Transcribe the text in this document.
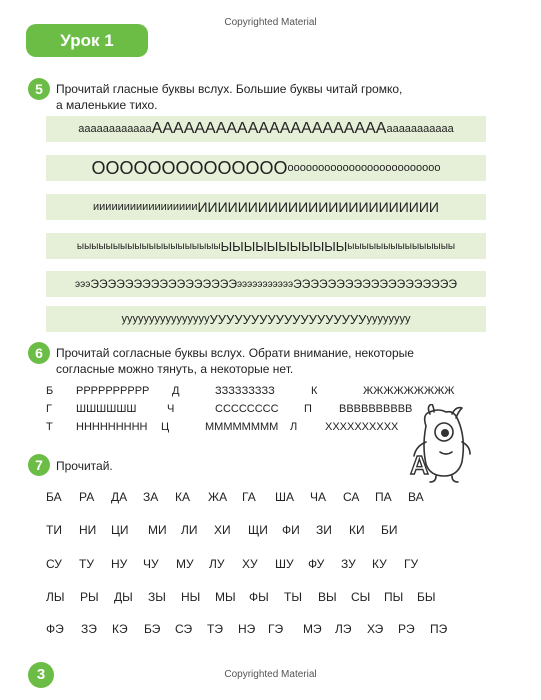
Copyrighted Material
Урок 1
5	Прочитай гласные буквы вслух. Большие буквы читай громко,
а маленькие тихо.
аааааааааааа АААААААААААААААААААААА ааааааааааа
ОООООООООООООО ооооооооооооооооооооооооо
иииииииииииииииии ИИИИИИИИИИИИИИИИИИИИИИИИ
ыыыыыыыыыыыыыыыыыыыы ЫЫЫЫЫЫЫЫЫЫЫ ыыыыыыыыыыыыыыы
эээ ЭЭЭЭЭЭЭЭЭЭЭЭЭЭЭЭЭ эээээээээээ ЭЭЭЭЭЭЭЭЭЭЭЭЭЭЭЭЭЭЭ
уууууууууууууууу УУУУУУУУУУУУУУУУУУУ уууууууу
6	Прочитай согласные буквы вслух. Обрати внимание, некоторые
согласные можно тянуть, а некоторые нет.
Б РРРРРРРРРР Д	ЗЗЗЗЗЗЗЗЗ	К	ЖЖЖЖЖЖЖЖЖ
Г ШШШШШШ	Ч	СССССССС П ВВВВВВВВВВ
Т ННННННННН Ц	ММММММММ Л	ХХХХХХХХХХ
A
7	Прочитай.
БА	РА	ДА	ЗА	КА	ЖА	ГА	ША	ЧА	СА	ПА	ВА
ТИ	НИ	ЦИ	МИ	ЛИ	ХИ	ЩИ	ФИ	ЗИ	КИ	БИ
СУ	ТУ	НУ	ЧУ	МУ	ЛУ	ХУ	ШУ	ФУ	ЗУ	КУ	ГУ
ЛЫ	РЫ	ДЫ	ЗЫ	НЫ	МЫ	ФЫ	ТЫ	ВЫ	СЫ	ПЫ	БЫ
ФЭ	ЗЭ	КЭ	БЭ	СЭ	ТЭ	НЭ	ГЭ	МЭ	ЛЭ	ХЭ	РЭ	ПЭ
3	Copyrighted Material
